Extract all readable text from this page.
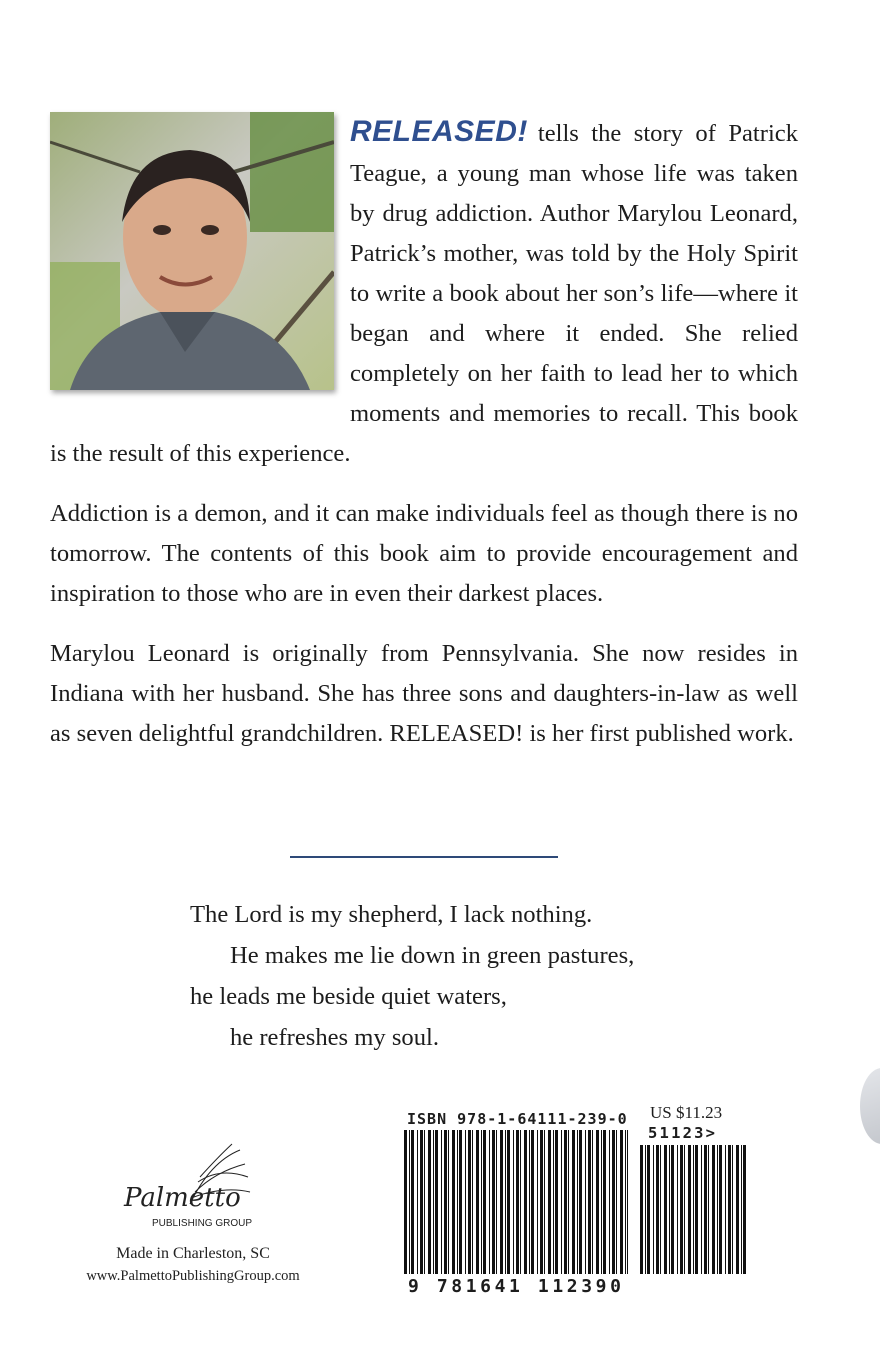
RELEASED! tells the story of Patrick Teague, a young man whose life was taken by drug addiction. Author Marylou Leonard, Patrick’s mother, was told by the Holy Spirit to write a book about her son’s life—where it began and where it ended. She relied completely on her faith to lead her to which moments and memories to recall. This book is the result of this experience.

Addiction is a demon, and it can make individuals feel as though there is no tomorrow. The contents of this book aim to provide encouragement and inspiration to those who are in even their darkest places.

Marylou Leonard is originally from Pennsylvania. She now resides in Indiana with her husband. She has three sons and daughters-in-law as well as seven delightful grandchildren. RELEASED! is her first published work.

The Lord is my shepherd, I lack nothing.
He makes me lie down in green pastures,
he leads me beside quiet waters,
he refreshes my soul.
Palmetto
PUBLISHING GROUP
Made in Charleston, SC
www.PalmettoPublishingGroup.com
ISBN 978-1-64111-239-0 US $11.23
51123>
9 781641 112390
